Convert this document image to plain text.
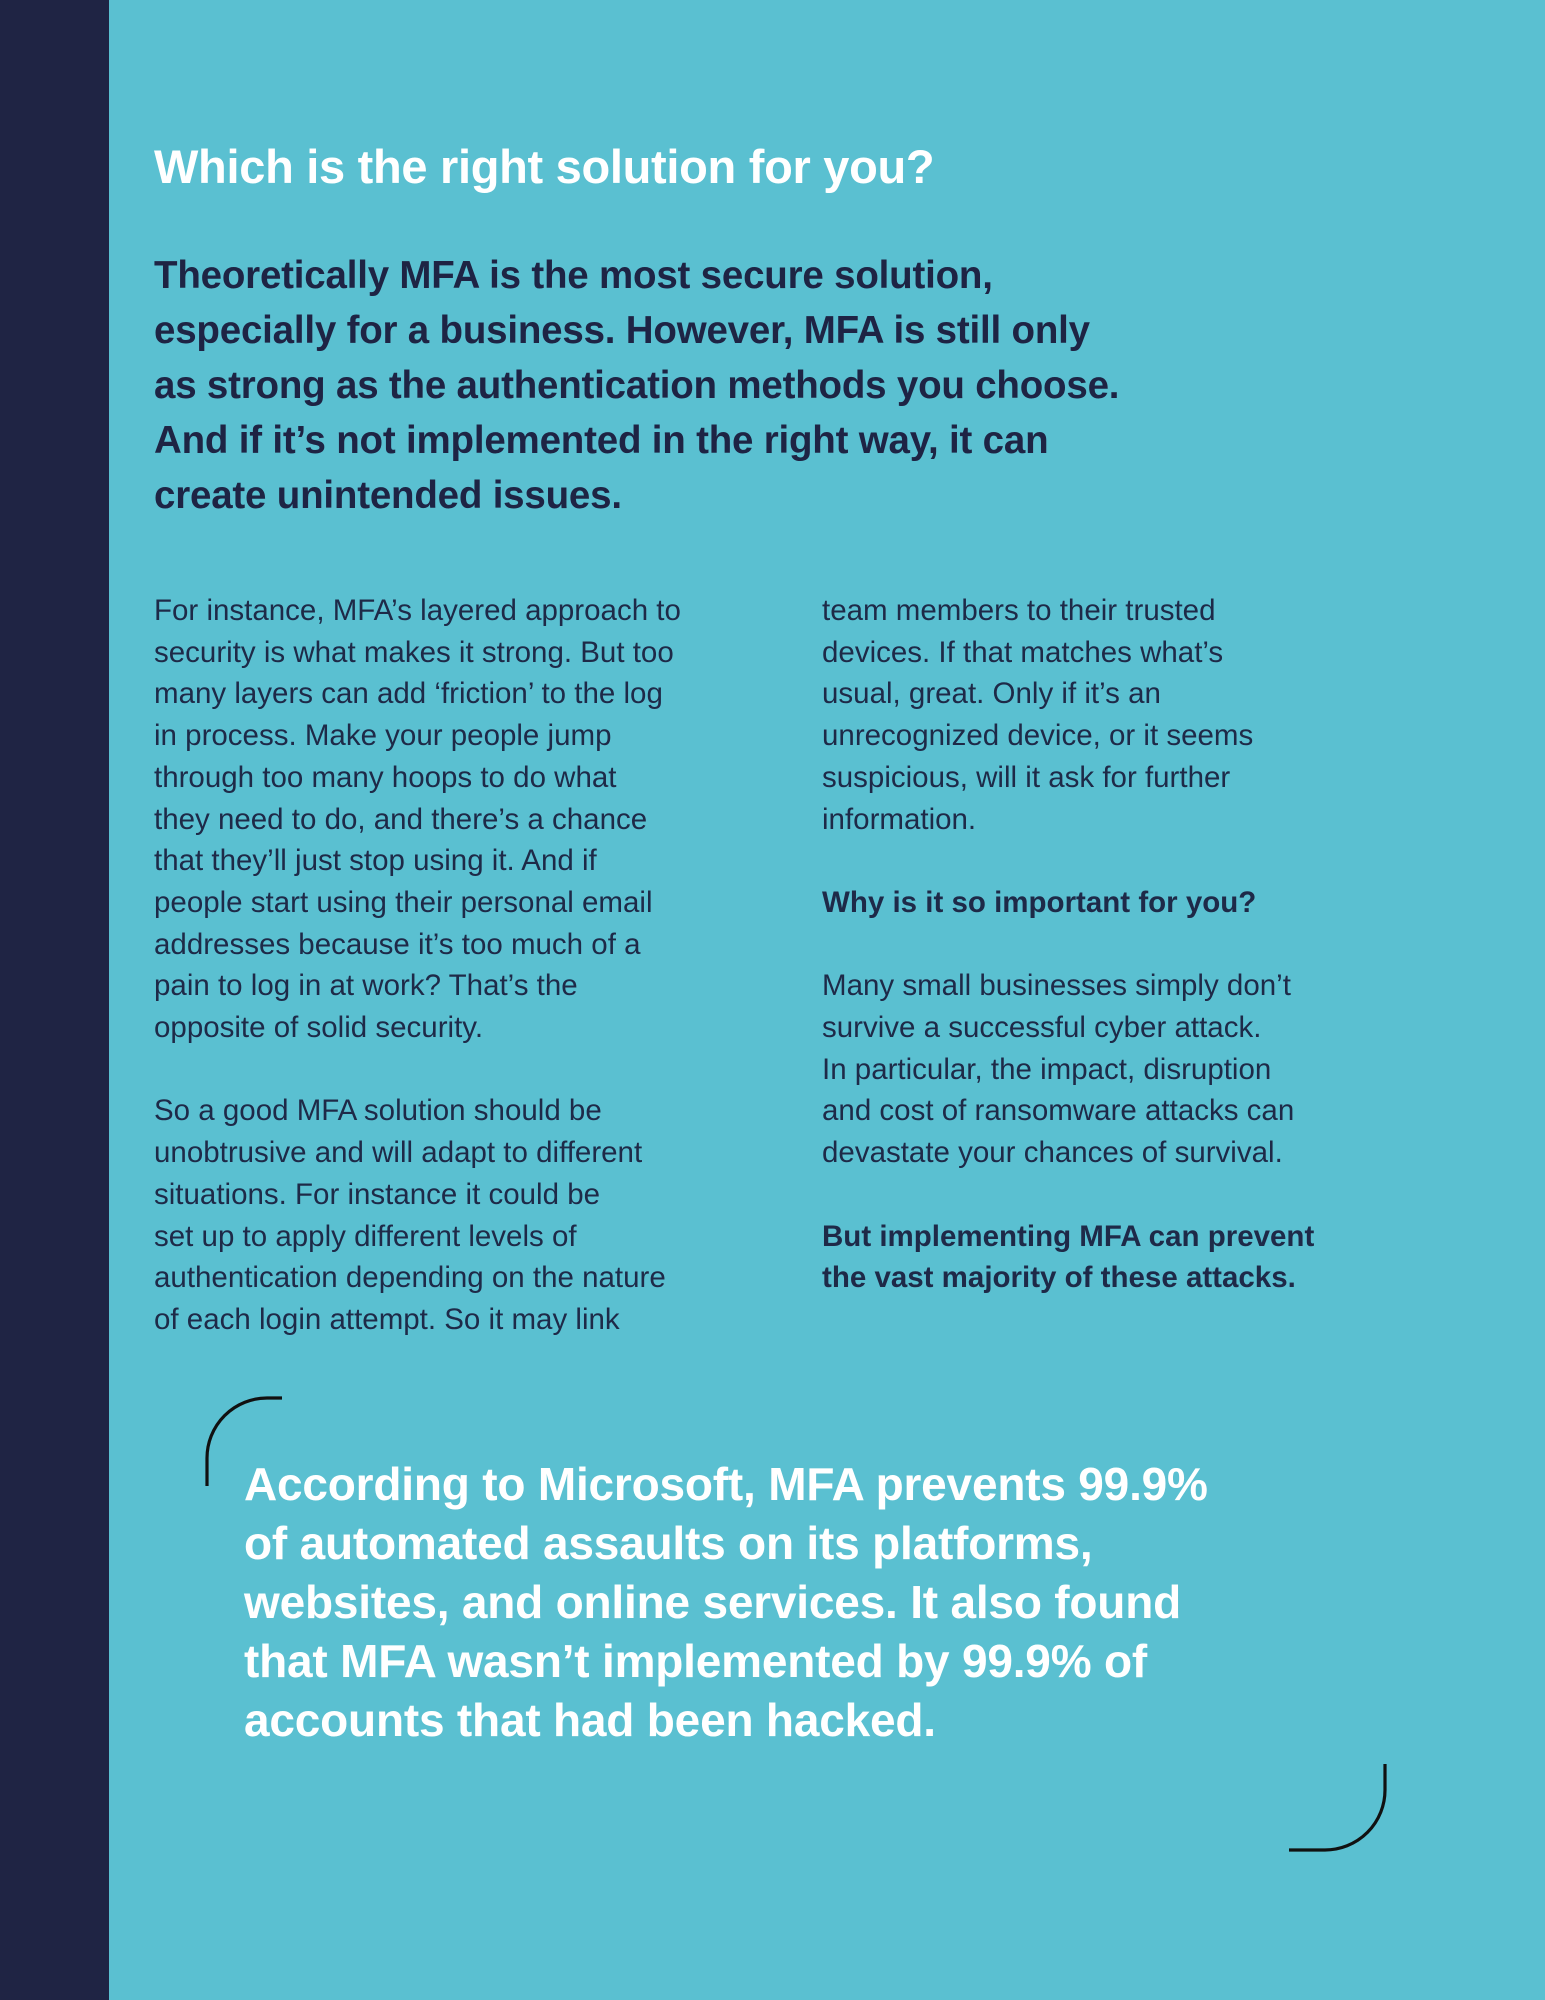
Which is the right solution for you?

Theoretically MFA is the most secure solution,
especially for a business. However, MFA is still only
as strong as the authentication methods you choose.
And if it’s not implemented in the right way, it can
create unintended issues.

For instance, MFA’s layered approach to
security is what makes it strong. But too
many layers can add ‘friction’ to the log
in process. Make your people jump
through too many hoops to do what
they need to do, and there’s a chance
that they’ll just stop using it. And if
people start using their personal email
addresses because it’s too much of a
pain to log in at work? That’s the
opposite of solid security.
So a good MFA solution should be
unobtrusive and will adapt to different
situations. For instance it could be
set up to apply different levels of
authentication depending on the nature
of each login attempt. So it may link
team members to their trusted
devices. If that matches what’s
usual, great. Only if it’s an
unrecognized device, or it seems
suspicious, will it ask for further
information.
Why is it so important for you?
Many small businesses simply don’t
survive a successful cyber attack.
In particular, the impact, disruption
and cost of ransomware attacks can
devastate your chances of survival.
But implementing MFA can prevent
the vast majority of these attacks.
According to Microsoft, MFA prevents 99.9%
of automated assaults on its platforms,
websites, and online services. It also found
that MFA wasn’t implemented by 99.9% of
accounts that had been hacked.
